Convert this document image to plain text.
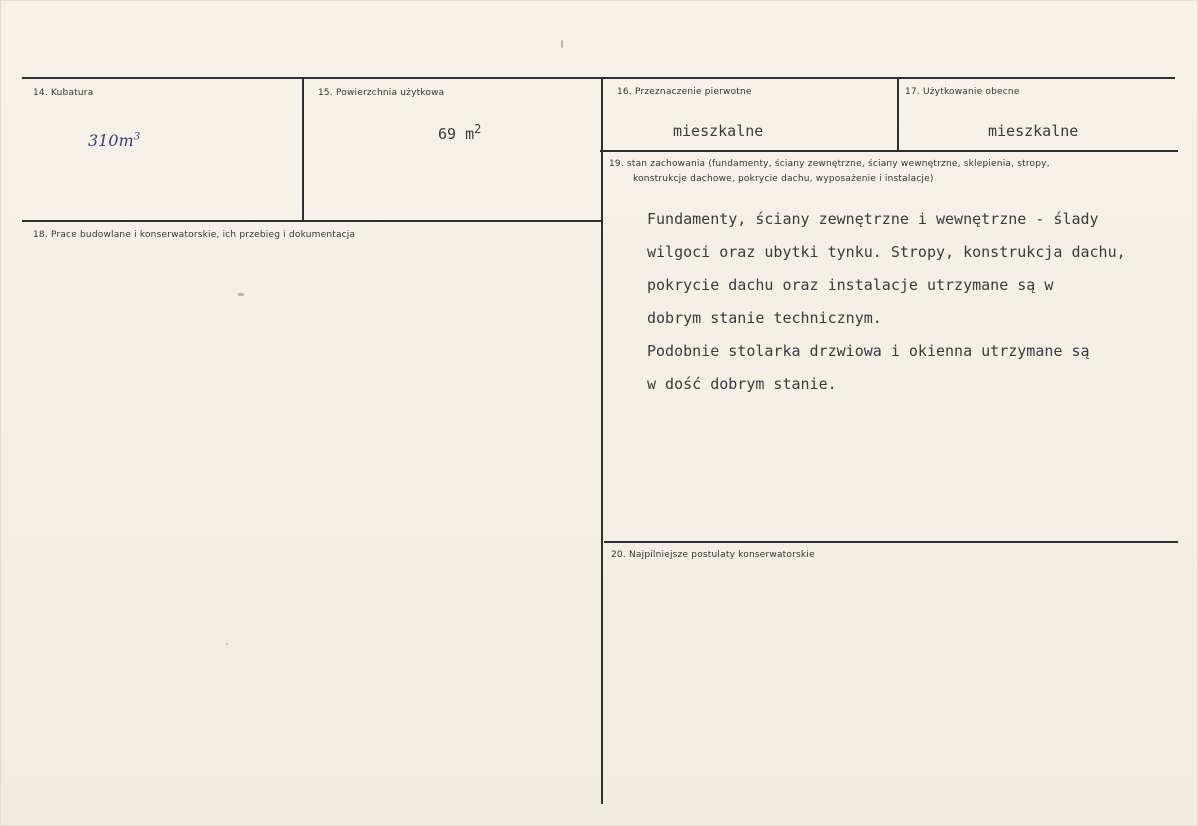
14. Kubatura
$310m^3$
15. Powierzchnia użytkowa
69 $m^2$
16. Przeznaczenie pierwotne
mieszkalne
17. Użytkowanie obecne
mieszkalne
18. Prace budowlane i konserwatorskie, ich przebieg i dokumentacja
19. stan zachowania (fundamenty, ściany zewnętrzne, ściany wewnętrzne, sklepienia, stropy,
konstrukcje dachowe, pokrycie dachu, wyposażenie i instalacje)
Fundamenty, ściany zewnętrzne i wewnętrzne - ślady
wilgoci oraz ubytki tynku. Stropy, konstrukcja dachu,
pokrycie dachu oraz instalacje utrzymane są w
dobrym stanie technicznym.
Podobnie stolarka drzwiowa i okienna utrzymane są
w dość dobrym stanie.
20. Najpilniejsze postulaty konserwatorskie
